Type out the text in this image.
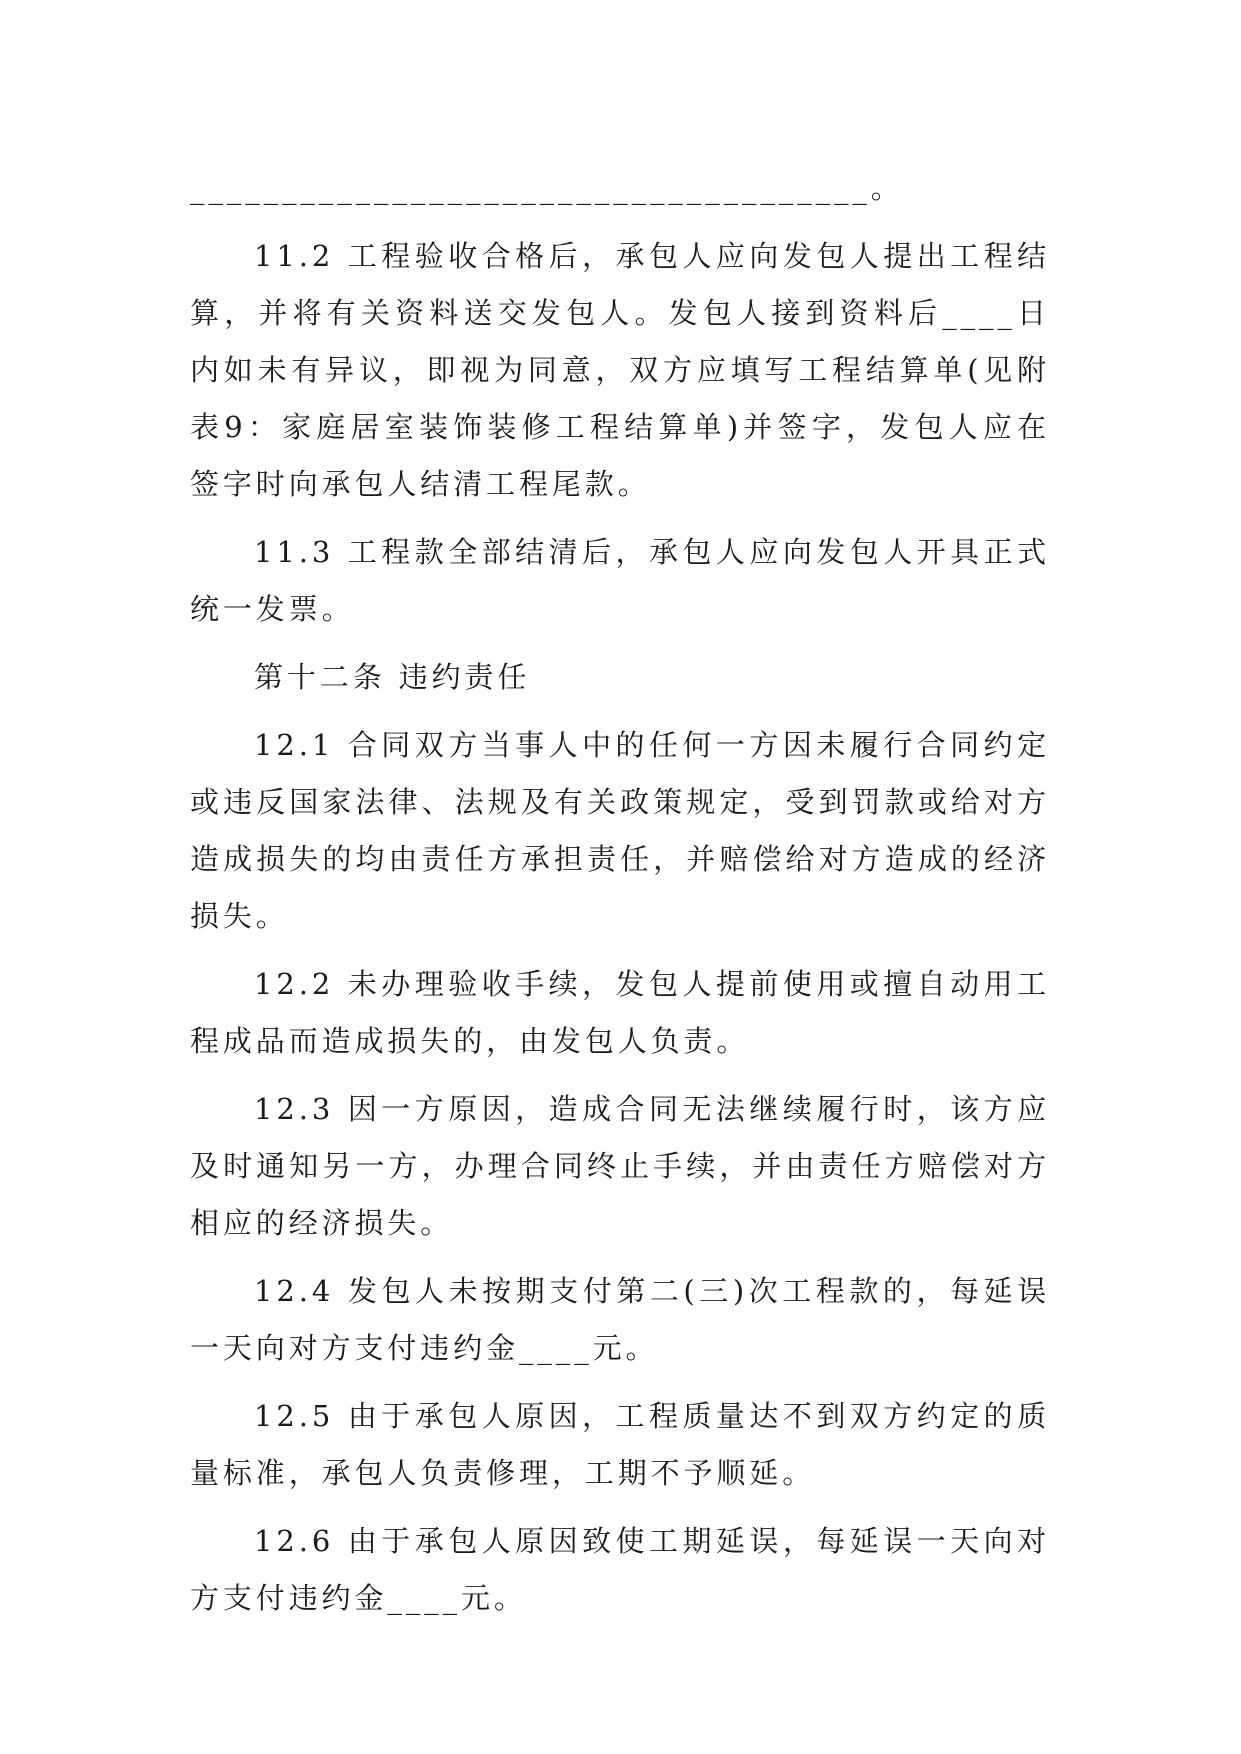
_____________________________________。

11.2 工程验收合格后，承包人应向发包人提出工程结算，并将有关资料送交发包人。发包人接到资料后____日内如未有异议，即视为同意，双方应填写工程结算单(见附表9：家庭居室装饰装修工程结算单)并签字，发包人应在签字时向承包人结清工程尾款。

11.3 工程款全部结清后，承包人应向发包人开具正式统一发票。

第十二条 违约责任

12.1 合同双方当事人中的任何一方因未履行合同约定或违反国家法律、法规及有关政策规定，受到罚款或给对方造成损失的均由责任方承担责任，并赔偿给对方造成的经济损失。

12.2 未办理验收手续，发包人提前使用或擅自动用工程成品而造成损失的，由发包人负责。

12.3 因一方原因，造成合同无法继续履行时，该方应及时通知另一方，办理合同终止手续，并由责任方赔偿对方相应的经济损失。

12.4 发包人未按期支付第二(三)次工程款的，每延误一天向对方支付违约金____元。

12.5 由于承包人原因，工程质量达不到双方约定的质量标准，承包人负责修理，工期不予顺延。

12.6 由于承包人原因致使工期延误，每延误一天向对方支付违约金____元。
